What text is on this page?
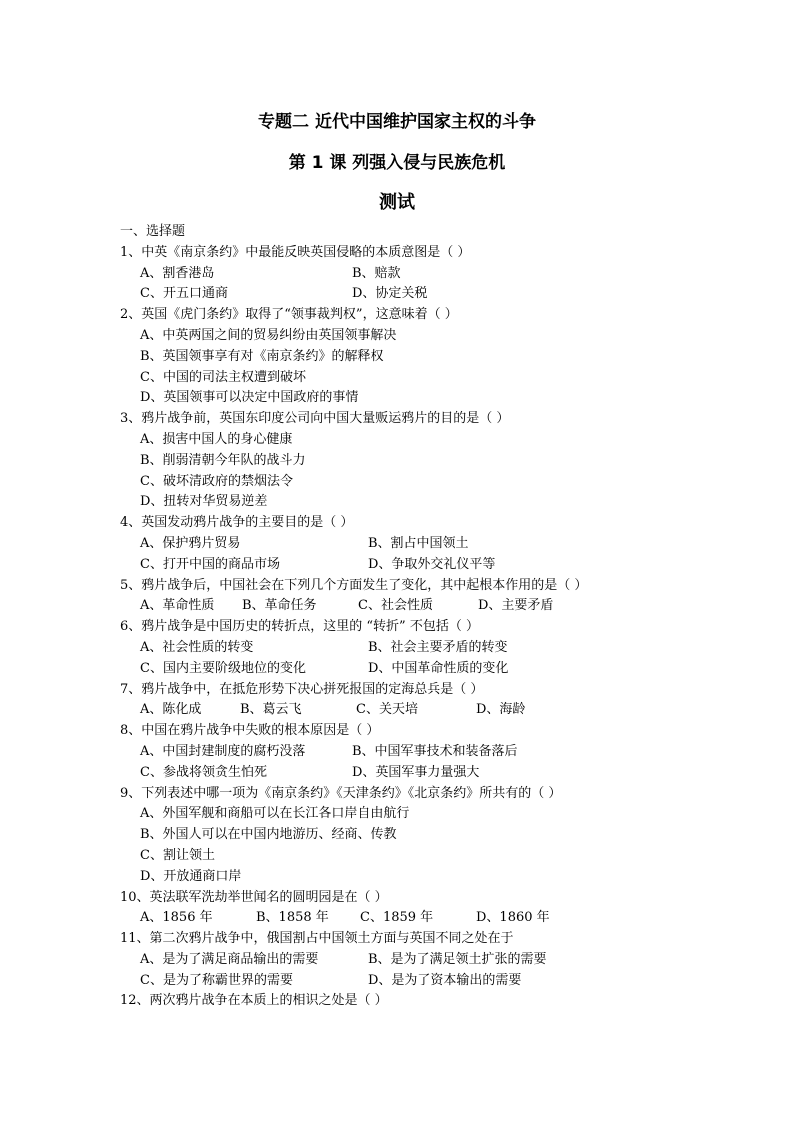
专题二 近代中国维护国家主权的斗争
第 1 课 列强入侵与民族危机
测试
一、选择题
1、中英《南京条约》中最能反映英国侵略的本质意图是（ ）
A、割香港岛	B、赔款
C、开五口通商	D、协定关税
2、英国《虎门条约》取得了“领事裁判权”，这意味着（ ）
A、中英两国之间的贸易纠纷由英国领事解决
B、英国领事享有对《南京条约》的解释权
C、中国的司法主权遭到破坏
D、英国领事可以决定中国政府的事情
3、鸦片战争前，英国东印度公司向中国大量贩运鸦片的目的是（ ）
A、损害中国人的身心健康
B、削弱清朝今年队的战斗力
C、破坏清政府的禁烟法令
D、扭转对华贸易逆差
4、英国发动鸦片战争的主要目的是（ ）
A、保护鸦片贸易	B、割占中国领土
C、打开中国的商品市场	D、争取外交礼仪平等
5、鸦片战争后，中国社会在下列几个方面发生了变化，其中起根本作用的是（ ）
A、革命性质 B、革命任务	C、社会性质	D、主要矛盾
6、鸦片战争是中国历史的转折点，这里的 “转折” 不包括（ ）
A、社会性质的转变	B、社会主要矛盾的转变
C、国内主要阶级地位的变化	D、中国革命性质的变化
7、鸦片战争中，在抵危形势下决心拼死报国的定海总兵是（ ）
A、陈化成	B、葛云飞	C、关天培	D、海龄
8、中国在鸦片战争中失败的根本原因是（ ）
A、中国封建制度的腐朽没落	B、中国军事技术和装备落后
C、参战将领贪生怕死	D、英国军事力量强大
9、下列表述中哪一项为《南京条约》《天津条约》《北京条约》所共有的（ ）
A、外国军舰和商船可以在长江各口岸自由航行
B、外国人可以在中国内地游历、经商、传教
C、割让领土
D、开放通商口岸
10、英法联军洗劫举世闻名的圆明园是在（ ）
A、1856 年	B、1858 年 C、1859 年	D、1860 年
11、第二次鸦片战争中，俄国割占中国领土方面与英国不同之处在于
A、是为了满足商品输出的需要	B、是为了满足领土扩张的需要
C、是为了称霸世界的需要	D、是为了资本输出的需要
12、两次鸦片战争在本质上的相识之处是（ ）
